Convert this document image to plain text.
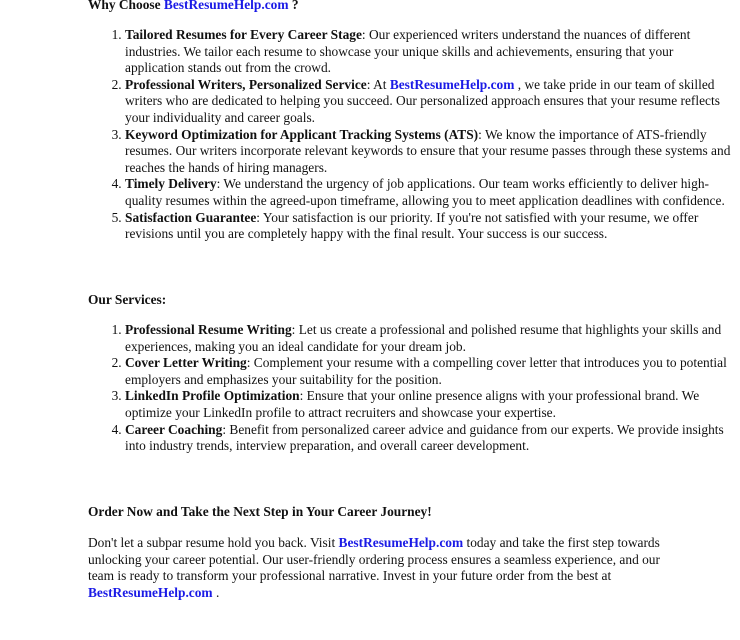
Why Choose BestResumeHelp.com ?
1. Tailored Resumes for Every Career Stage: Our experienced writers understand the nuances of different industries. We tailor each resume to showcase your unique skills and achievements, ensuring that your application stands out from the crowd.
2. Professional Writers, Personalized Service: At BestResumeHelp.com , we take pride in our team of skilled writers who are dedicated to helping you succeed. Our personalized approach ensures that your resume reflects your individuality and career goals.
3. Keyword Optimization for Applicant Tracking Systems (ATS): We know the importance of ATS-friendly resumes. Our writers incorporate relevant keywords to ensure that your resume passes through these systems and reaches the hands of hiring managers.
4. Timely Delivery: We understand the urgency of job applications. Our team works efficiently to deliver high-quality resumes within the agreed-upon timeframe, allowing you to meet application deadlines with confidence.
5. Satisfaction Guarantee: Your satisfaction is our priority. If you're not satisfied with your resume, we offer revisions until you are completely happy with the final result. Your success is our success.
Our Services:
1. Professional Resume Writing: Let us create a professional and polished resume that highlights your skills and experiences, making you an ideal candidate for your dream job.
2. Cover Letter Writing: Complement your resume with a compelling cover letter that introduces you to potential employers and emphasizes your suitability for the position.
3. LinkedIn Profile Optimization: Ensure that your online presence aligns with your professional brand. We optimize your LinkedIn profile to attract recruiters and showcase your expertise.
4. Career Coaching: Benefit from personalized career advice and guidance from our experts. We provide insights into industry trends, interview preparation, and overall career development.
Order Now and Take the Next Step in Your Career Journey!

Don't let a subpar resume hold you back. Visit BestResumeHelp.com today and take the first step towards unlocking your career potential. Our user-friendly ordering process ensures a seamless experience, and our team is ready to transform your professional narrative. Invest in your future order from the best at BestResumeHelp.com .
